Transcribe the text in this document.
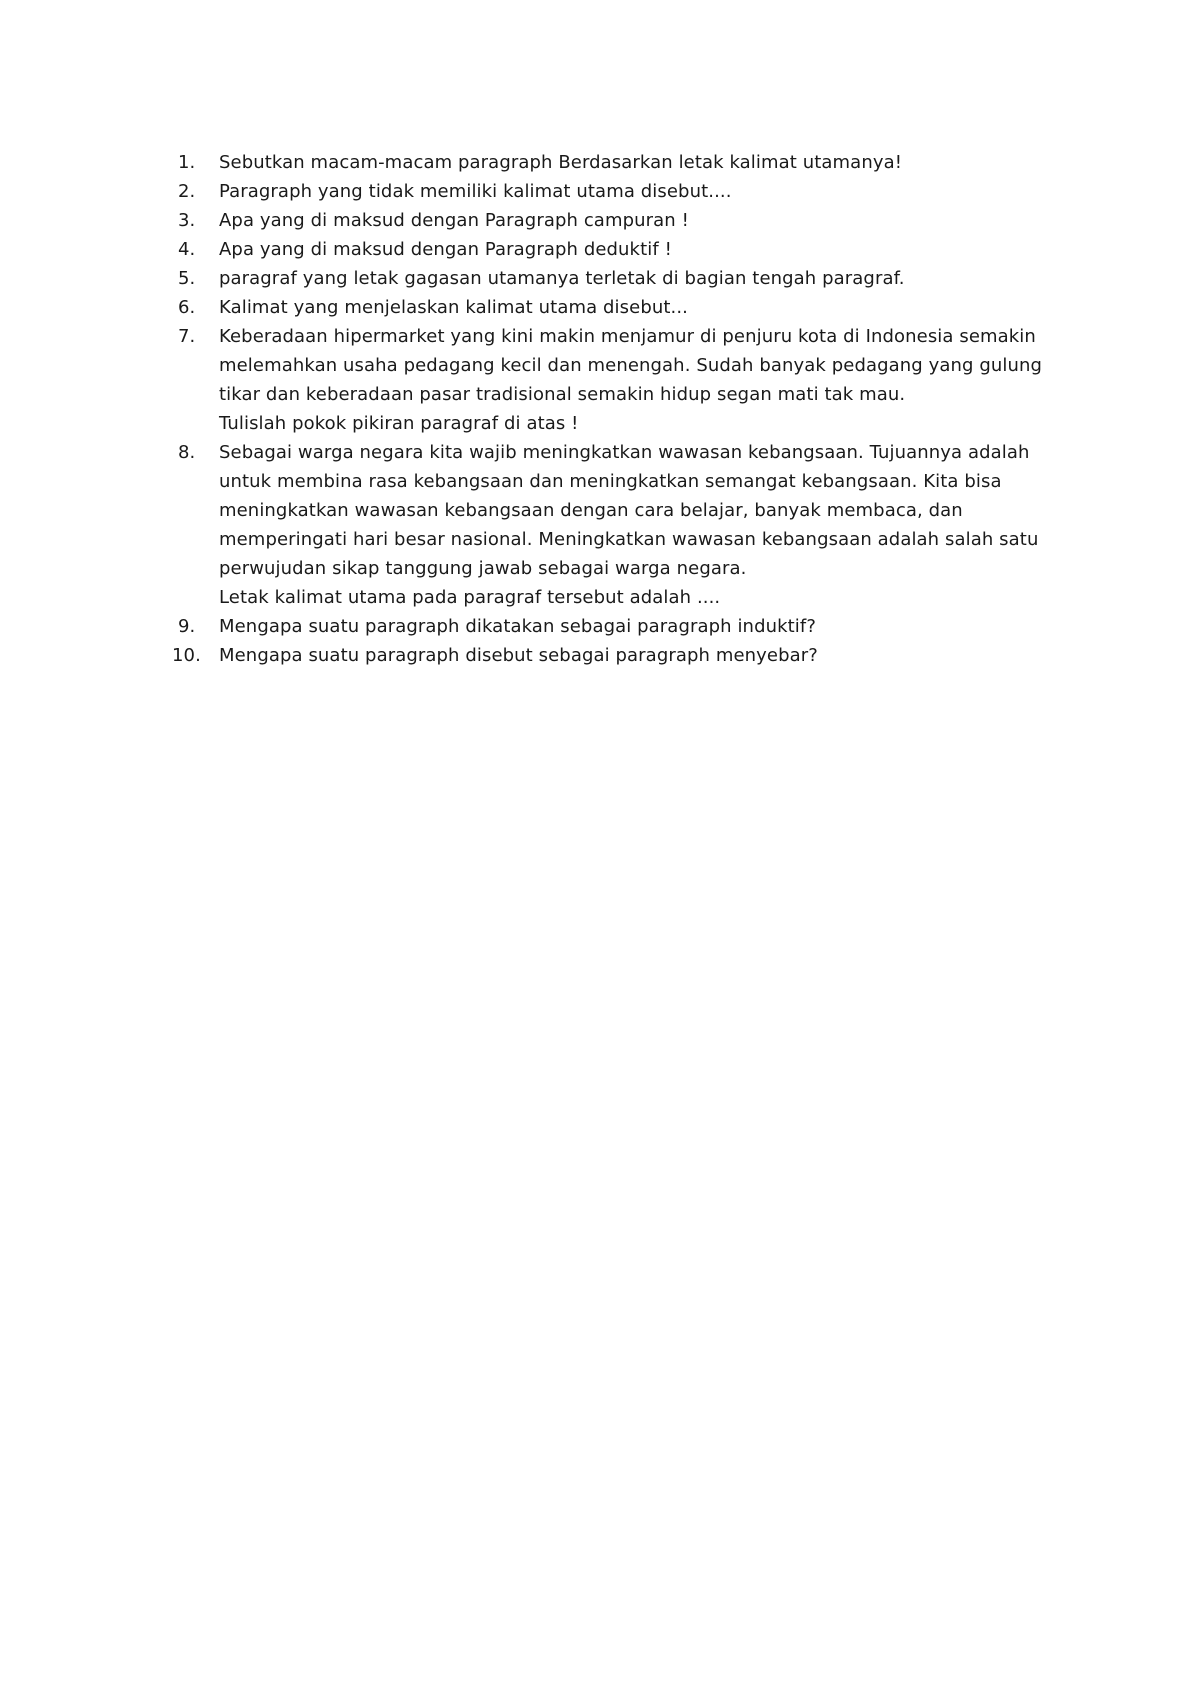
1.	Sebutkan macam-macam paragraph Berdasarkan letak kalimat utamanya!
2.	Paragraph yang tidak memiliki kalimat utama disebut....
3.	Apa yang di maksud dengan Paragraph campuran !
4.	Apa yang di maksud dengan Paragraph deduktif !
5.	paragraf yang letak gagasan utamanya terletak di bagian tengah paragraf.
6.	Kalimat yang menjelaskan kalimat utama disebut...
7.	Keberadaan hipermarket yang kini makin menjamur di penjuru kota di Indonesia semakin
melemahkan usaha pedagang kecil dan menengah. Sudah banyak pedagang yang gulung
tikar dan keberadaan pasar tradisional semakin hidup segan mati tak mau.
Tulislah pokok pikiran paragraf di atas !
8.	Sebagai warga negara kita wajib meningkatkan wawasan kebangsaan. Tujuannya adalah
untuk membina rasa kebangsaan dan meningkatkan semangat kebangsaan. Kita bisa
meningkatkan wawasan kebangsaan dengan cara belajar, banyak membaca, dan
memperingati hari besar nasional. Meningkatkan wawasan kebangsaan adalah salah satu
perwujudan sikap tanggung jawab sebagai warga negara.
Letak kalimat utama pada paragraf tersebut adalah ....
9.	Mengapa suatu paragraph dikatakan sebagai paragraph induktif?
10.	Mengapa suatu paragraph disebut sebagai paragraph menyebar?
